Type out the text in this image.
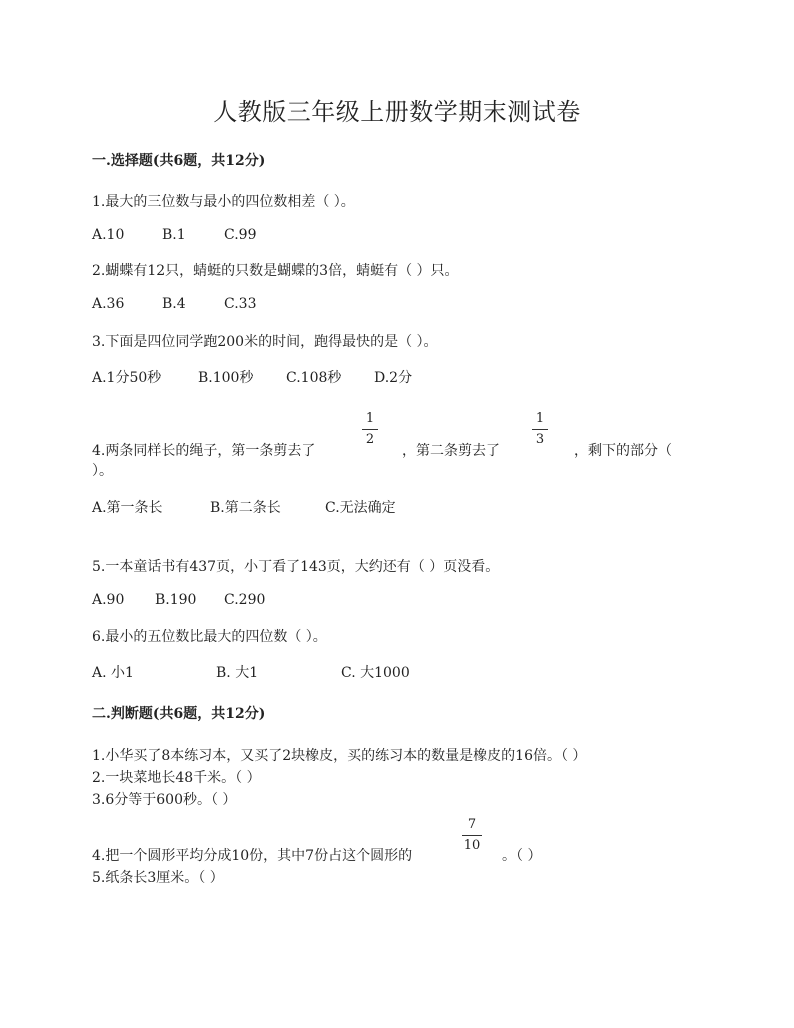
人教版三年级上册数学期末测试卷
一.选择题(共6题，共12分)
1.最大的三位数与最小的四位数相差（ ）。
A.10	B.1	C.99
2.蝴蝶有12只，蜻蜓的只数是蝴蝶的3倍，蜻蜓有（ ）只。
A.36	B.4	C.33
3.下面是四位同学跑200米的时间，跑得最快的是（ ）。
A.1分50秒	B.100秒 C.108秒 D.2分
4.两条同样长的绳子，第一条剪去了
1
2
，第二条剪去了
1
3
，剩下的部分（
）。
A.第一条长	B.第二条长	C.无法确定
5.一本童话书有437页，小丁看了143页，大约还有（ ）页没看。
A.90 B.190 C.290
6.最小的五位数比最大的四位数（ ）。
A. 小1	B. 大1	C. 大1000
二.判断题(共6题，共12分)
1.小华买了8本练习本，又买了2块橡皮，买的练习本的数量是橡皮的16倍。（ ）
2.一块菜地长48千米。（ ）
3.6分等于600秒。（ ）
4.把一个圆形平均分成10份，其中7份占这个圆形的
7
10
。（ ）
5.纸条长3厘米。（ ）
